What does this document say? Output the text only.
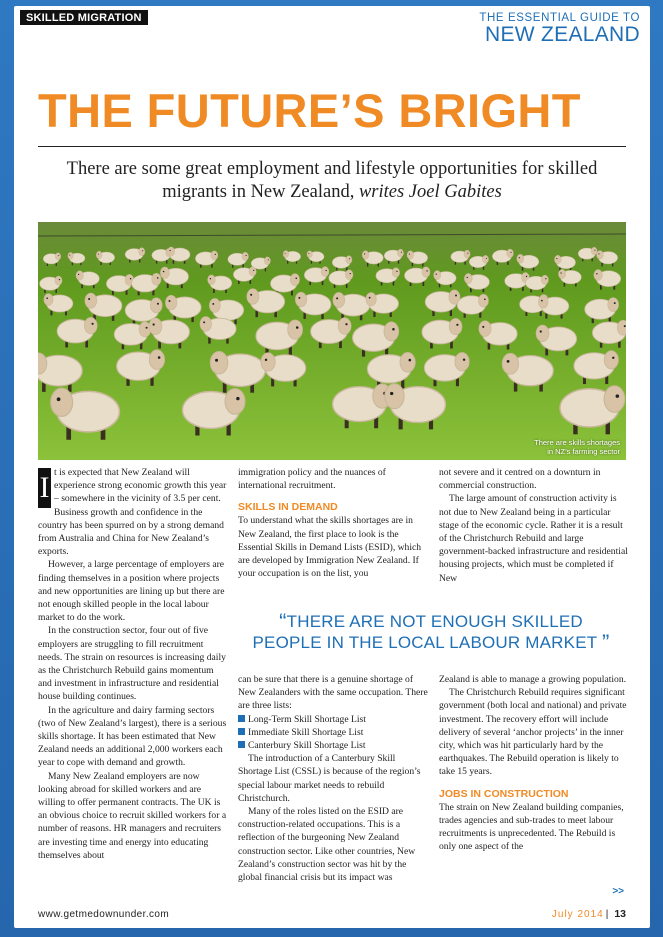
SKILLED MIGRATION	THE ESSENTIAL GUIDE TO
NEW ZEALAND
THE FUTURE’S BRIGHT
There are some great employment and lifestyle opportunities for skilled migrants in New Zealand, writes Joel Gabites
There are skills shortages
in NZ’s farming sector

I t is expected that New Zealand will experience strong economic growth this year – somewhere in the vicinity of 3.5 per cent. Business growth and confidence in the country has been spurred on by a strong demand from Australia and China for New Zealand’s exports.

However, a large percentage of employers are finding themselves in a position where projects and new opportunities are lining up but there are not enough skilled people in the local labour market to do the work.

In the construction sector, four out of five employers are struggling to fill recruitment needs. The strain on resources is increasing daily as the Christchurch Rebuild gains momentum and investment in infrastructure and residential house building continues.

In the agriculture and dairy farming sectors (two of New Zealand’s largest), there is a serious skills shortage. It has been estimated that New Zealand needs an additional 2,000 workers each year to cope with demand and growth.

Many New Zealand employers are now looking abroad for skilled workers and are willing to offer permanent contracts. The UK is an obvious choice to recruit skilled workers for a number of reasons. HR managers and recruiters are investing time and energy into educating themselves about

immigration policy and the nuances of international recruitment.

SKILLS IN DEMAND

To understand what the skills shortages are in New Zealand, the first place to look is the Essential Skills in Demand Lists (ESID), which are developed by Immigration New Zealand. If your occupation is on the list, you

not severe and it centred on a downturn in commercial construction.

The large amount of construction activity is not due to New Zealand being in a particular stage of the economic cycle. Rather it is a result of the Christchurch Rebuild and large government-backed infrastructure and residential housing projects, which must be completed if New

“THERE ARE NOT ENOUGH SKILLED
PEOPLE IN THE LOCAL LABOUR MARKET ”

can be sure that there is a genuine shortage of New Zealanders with the same occupation. There are three lists:

Long-Term Skill Shortage List

Immediate Skill Shortage List

Canterbury Skill Shortage List

The introduction of a Canterbury Skill Shortage List (CSSL) is because of the region’s special labour market needs to rebuild Christchurch.

Many of the roles listed on the ESID are construction-related occupations. This is a reflection of the burgeoning New Zealand construction sector. Like other countries, New Zealand’s construction sector was hit by the global financial crisis but its impact was

Zealand is able to manage a growing population.

The Christchurch Rebuild requires significant government (both local and national) and private investment. The recovery effort will include delivery of several ‘anchor projects’ in the inner city, which was hit particularly hard by the earthquakes. The Rebuild operation is likely to take 15 years.

JOBS IN CONSTRUCTION

The strain on New Zealand building companies, trades agencies and sub-trades to meet labour recruitments is unprecedented. The Rebuild is only one aspect of the

>>
www.getmedownunder.com	July 2014 | 13
